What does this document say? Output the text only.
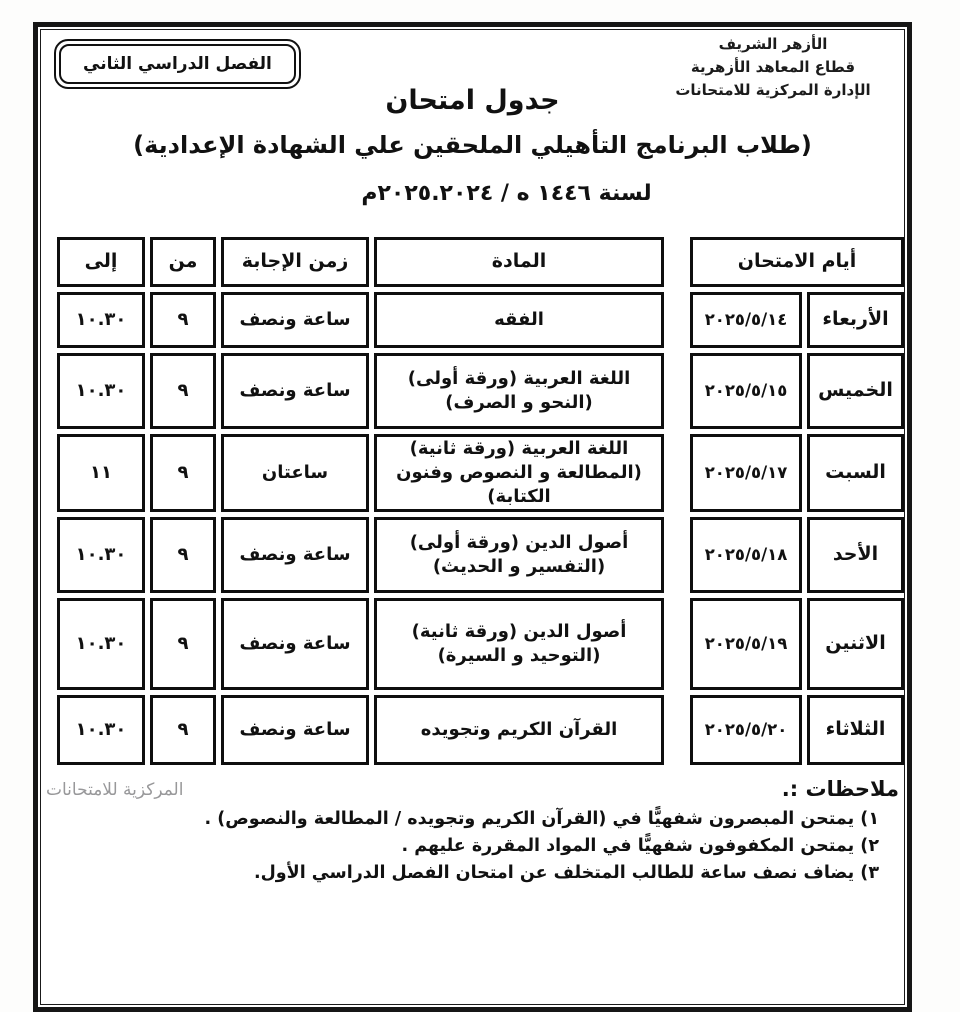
الفصل الدراسي الثاني
الأزهر الشريف
قطاع المعاهد الأزهرية
الإدارة المركزية للامتحانات
جدول امتحان
(طلاب البرنامج التأهيلي الملحقين علي الشهادة الإعدادية)
لسنة ١٤٤٦ ه / ٢٠٢٥.٢٠٢٤م
أيام الامتحان
المادة
زمن الإجابة
من
إلى
الأربعاء
٢٠٢٥/٥/١٤
الفقه
ساعة ونصف
٩
١٠.٣٠
الخميس
٢٠٢٥/٥/١٥
اللغة العربية (ورقة أولى)
(النحو و الصرف)
ساعة ونصف
٩
١٠.٣٠
السبت
٢٠٢٥/٥/١٧
اللغة العربية (ورقة ثانية)
(المطالعة و النصوص وفنون الكتابة)
ساعتان
٩
١١
الأحد
٢٠٢٥/٥/١٨
أصول الدين (ورقة أولى)
(التفسير و الحديث)
ساعة ونصف
٩
١٠.٣٠
الاثنين
٢٠٢٥/٥/١٩
أصول الدين (ورقة ثانية)
(التوحيد و السيرة)
ساعة ونصف
٩
١٠.٣٠
الثلاثاء
٢٠٢٥/٥/٢٠
القرآن الكريم وتجويده
ساعة ونصف
٩
١٠.٣٠
المركزية للامتحانات	ملاحظات :.
١) يمتحن المبصرون شفهيًّا في (القرآن الكريم وتجويده / المطالعة والنصوص) .
٢) يمتحن المكفوفون شفهيًّا في المواد المقررة عليهم .
٣) يضاف نصف ساعة للطالب المتخلف عن امتحان الفصل الدراسي الأول.
